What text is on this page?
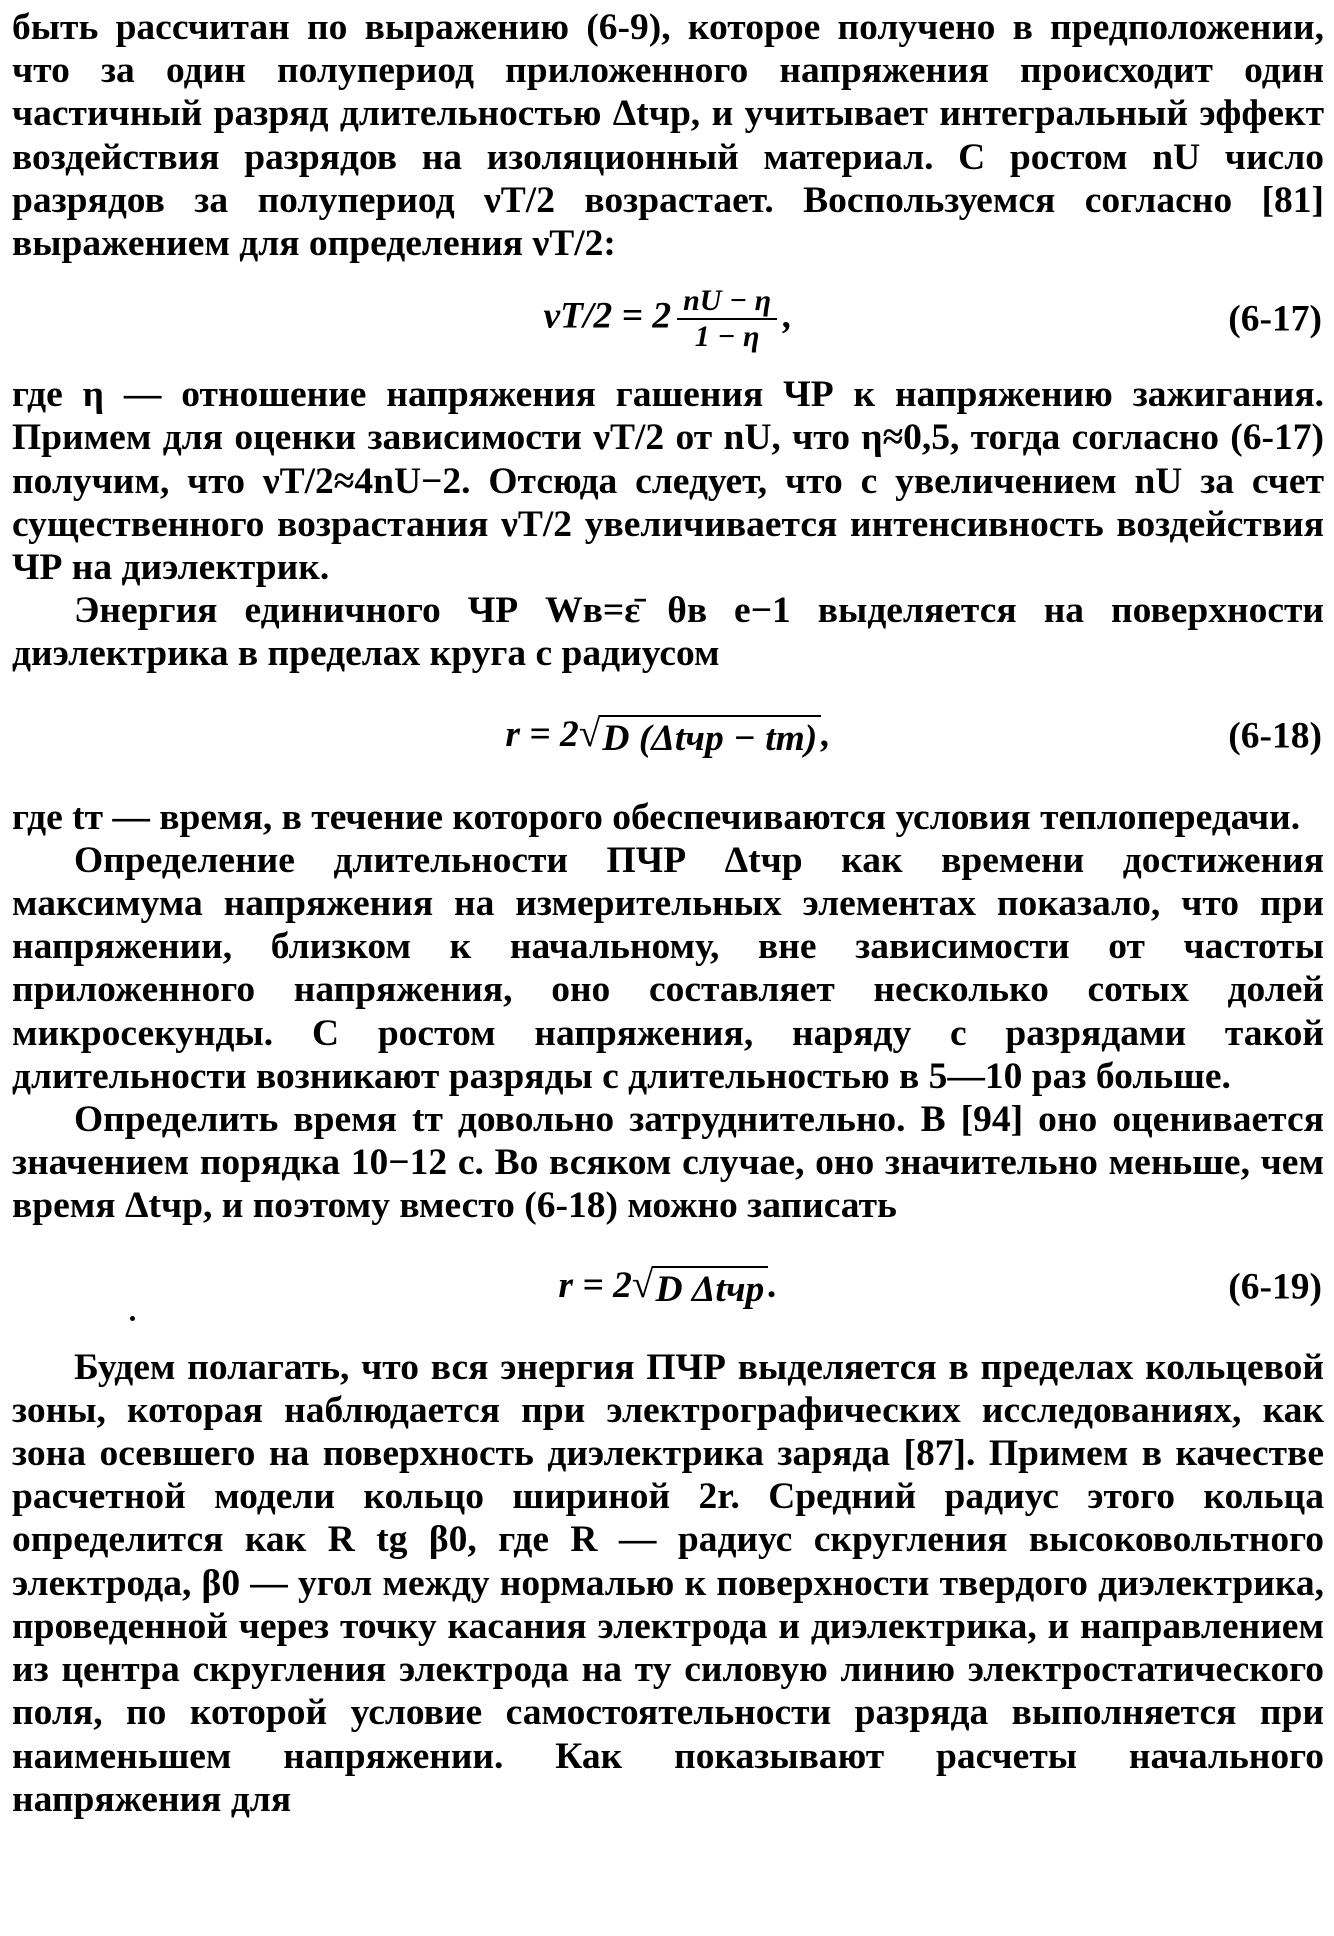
быть рассчитан по выражению (6-9), которое получено в предположении, что за один полупериод приложенного напряжения происходит один частичный разряд длительностью Δtчр, и учитывает интегральный эффект воздействия разрядов на изоляционный материал. С ростом nU число разрядов за полупериод νT/2 возрастает. Воспользуемся согласно [81] выражением для определения νT/2:

$\nu T/2 = 2 \frac{nU - \eta}{1 - \eta}$ ,	(6-17)

где η — отношение напряжения гашения ЧР к напряжению зажигания. Примем для оценки зависимости νT/2 от nU, что η≈0,5, тогда согласно (6-17) получим, что νT/2≈4nU−2. Отсюда следует, что с увеличением nU за счет существенного возрастания νT/2 увеличивается интенсивность воздействия ЧР на диэлектрик.

Энергия единичного ЧР Wв=ε̄ θв e−1 выделяется на поверхности диэлектрика в пределах круга с радиусом

r = 2 √ D (Δtчр − tт) ,	(6-18)

где tт — время, в течение которого обеспечиваются условия теплопередачи.

Определение длительности ПЧР Δtчр как времени достижения максимума напряжения на измерительных элементах показало, что при напряжении, близком к начальному, вне зависимости от частоты приложенного напряжения, оно составляет несколько сотых долей микросекунды. С ростом напряжения, наряду с разрядами такой длительности возникают разряды с длительностью в 5—10 раз больше.

Определить время tт довольно затруднительно. В [94] оно оценивается значением порядка 10−12 с. Во всяком случае, оно значительно меньше, чем время Δtчр, и поэтому вместо (6-18) можно записать

r = 2 √ D Δtчр .	(6-19)

Будем полагать, что вся энергия ПЧР выделяется в пределах кольцевой зоны, которая наблюдается при электрографических исследованиях, как зона осевшего на поверхность диэлектрика заряда [87]. Примем в качестве расчетной модели кольцо шириной 2r. Средний радиус этого кольца определится как R tg β0, где R — радиус скругления высоковольтного электрода, β0 — угол между нормалью к поверхности твердого диэлектрика, проведенной через точку касания электрода и диэлектрика, и направлением из центра скругления электрода на ту силовую линию электростатического поля, по которой условие самостоятельности разряда выполняется при наименьшем напряжении. Как показывают расчеты начального напряжения для
